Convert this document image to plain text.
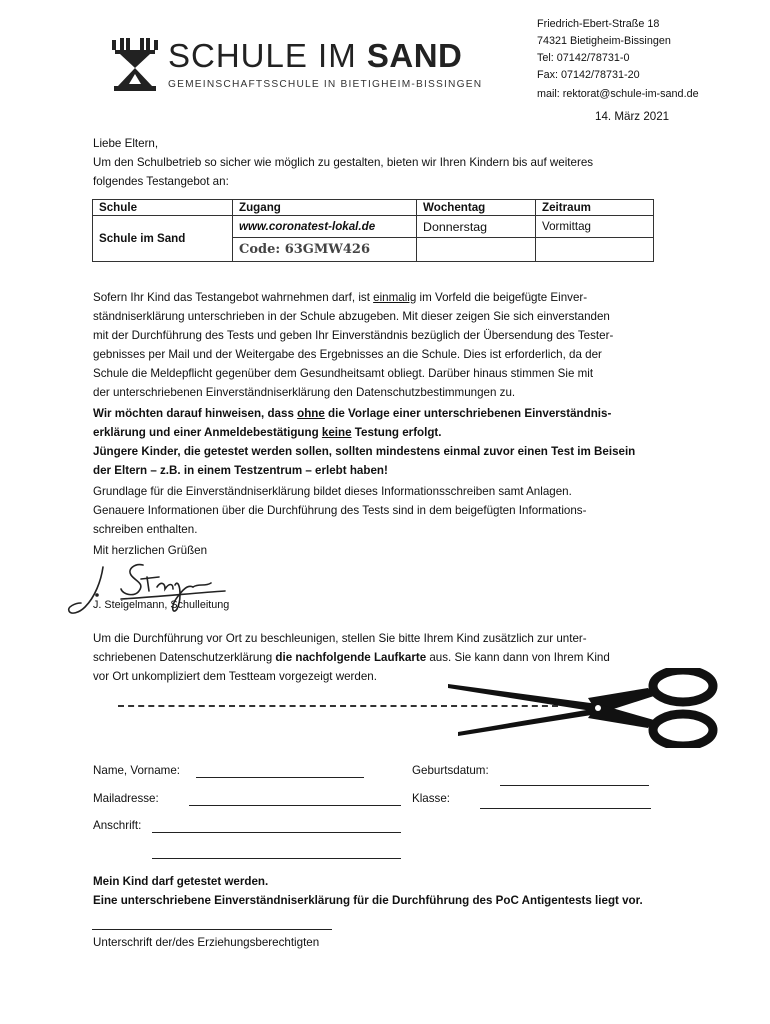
SCHULE IM SAND
GEMEINSCHAFTSSCHULE IN BIETIGHEIM-BISSINGEN
Friedrich-Ebert-Straße 18
74321 Bietigheim-Bissingen
Tel: 07142/78731-0
Fax: 07142/78731-20
mail: rektorat@schule-im-sand.de
14. März 2021

Liebe Eltern,

Um den Schulbetrieb so sicher wie möglich zu gestalten, bieten wir Ihren Kindern bis auf weiteres

folgendes Testangebot an:

Schule	Zugang	Wochentag	Zeitraum
Schule im Sand	www.coronatest-lokal.de	Donnerstag	Vormittag
	Code: 63GMW426		

Sofern Ihr Kind das Testangebot wahrnehmen darf, ist einmalig im Vorfeld die beigefügte Einver-

ständniserklärung unterschrieben in der Schule abzugeben. Mit dieser zeigen Sie sich einverstanden

mit der Durchführung des Tests und geben Ihr Einverständnis bezüglich der Übersendung des Tester-

gebnisses per Mail und der Weitergabe des Ergebnisses an die Schule. Dies ist erforderlich, da der

Schule die Meldepflicht gegenüber dem Gesundheitsamt obliegt. Darüber hinaus stimmen Sie mit

der unterschriebenen Einverständniserklärung den Datenschutzbestimmungen zu.

Wir möchten darauf hinweisen, dass ohne die Vorlage einer unterschriebenen Einverständnis-

erklärung und einer Anmeldebestätigung keine Testung erfolgt.

Jüngere Kinder, die getestet werden sollen, sollten mindestens einmal zuvor einen Test im Beisein

der Eltern – z.B. in einem Testzentrum – erlebt haben!

Grundlage für die Einverständniserklärung bildet dieses Informationsschreiben samt Anlagen.

Genauere Informationen über die Durchführung des Tests sind in dem beigefügten Informations-

schreiben enthalten.

Mit herzlichen Grüßen
J. Steigelmann, Schulleitung

Um die Durchführung vor Ort zu beschleunigen, stellen Sie bitte Ihrem Kind zusätzlich zur unter-

schriebenen Datenschutzerklärung die nachfolgende Laufkarte aus. Sie kann dann von Ihrem Kind

vor Ort unkompliziert dem Testteam vorgezeigt werden.

Name, Vorname:	Geburtsdatum:
Mailadresse:	Klasse:
Anschrift:

Mein Kind darf getestet werden.

Eine unterschriebene Einverständniserklärung für die Durchführung des PoC Antigentests liegt vor.

Unterschrift der/des Erziehungsberechtigten
